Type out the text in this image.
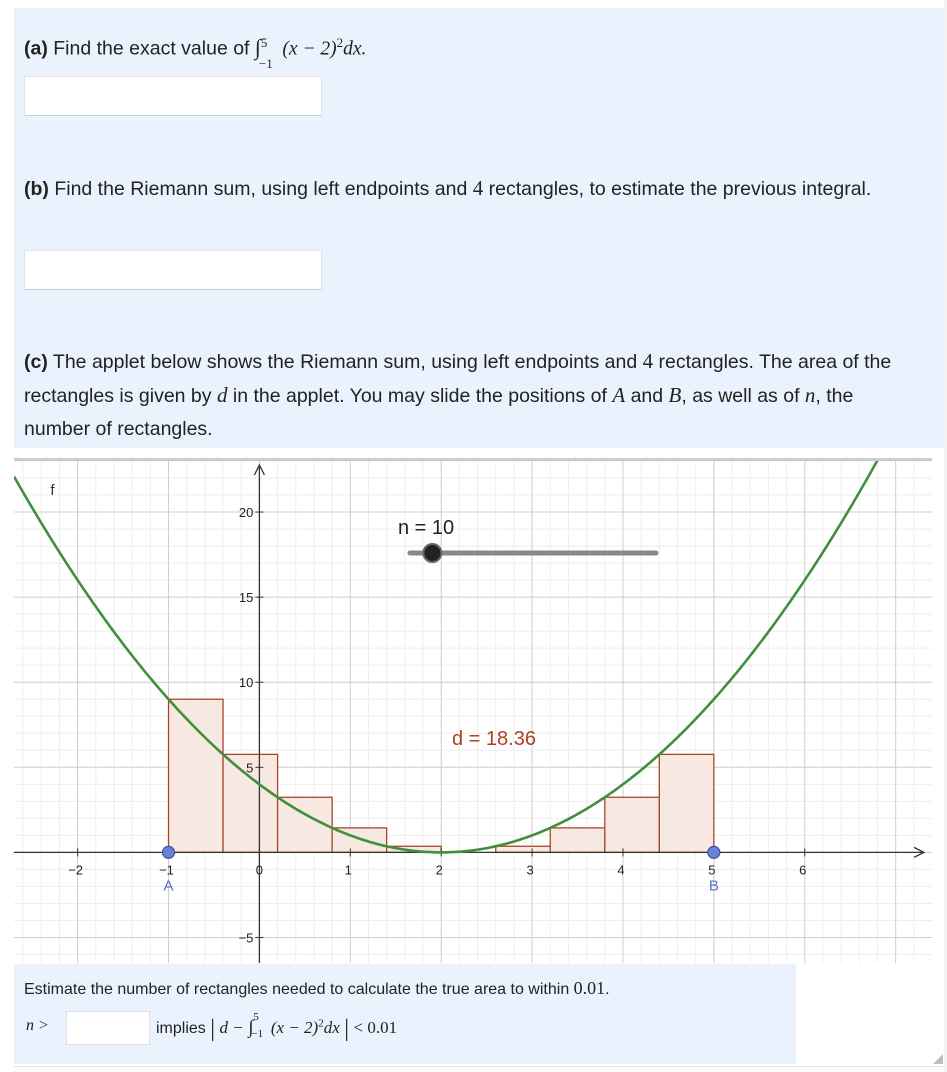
(a) Find the exact value of ∫ 5
−1
$(x - 2)^2dx$.
(b) Find the Riemann sum, using left endpoints and 4 rectangles, to estimate the previous integral.
(c) The applet below shows the Riemann sum, using left endpoints and 4 rectangles. The area of the rectangles is given by d in the applet. You may slide the positions of A and B, as well as of n, the number of rectangles.
−2	−1	0	1	2	3	4	5	6
20
15
10
5
−5
f
A	B
n = 10
d = 18.36
Estimate the number of rectangles needed to calculate the true area to within 0.01.
n >	implies | d − ∫
5
−1 $(x - 2)^2dx$ | < 0.01
